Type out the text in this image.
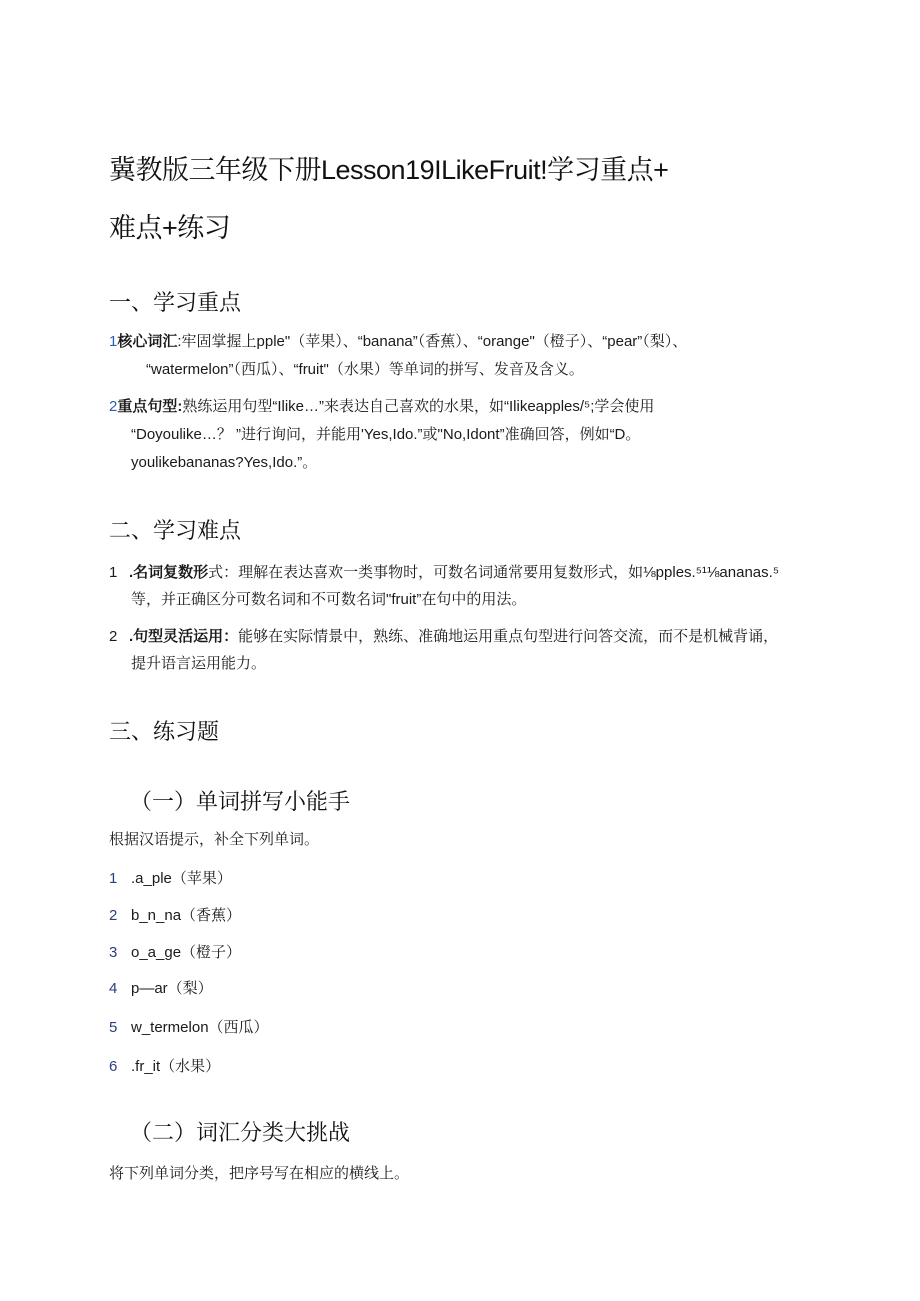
冀教版三年级下册Lesson19ILikeFruit!学习重点+
难点+练习
一、学习重点
1核心词汇:牢固掌握上pple"（苹果）、“banana”（香蕉）、“orange"（橙子）、“pear”（梨）、
“watermelon”（西瓜）、“fruit"（水果）等单词的拼写、发音及含义。
2重点句型:熟练运用句型“Ilike…”来表达自己喜欢的水果，如“Ilikeapples/⁵;学会使用
“Doyoulike…？ ”进行询问，并能用'Yes,Ido.”或"No,Idont”准确回答，例如“D。
youlikebananas?Yes,Ido.”。
二、学习难点
1 .名词复数形式：理解在表达喜欢一类事物时，可数名词通常要用复数形式，如⅛pples.⁵¹⅛ananas.⁵
等，并正确区分可数名词和不可数名词"fruit”在句中的用法。
2 .句型灵活运用：能够在实际情景中，熟练、准确地运用重点句型进行问答交流，而不是机械背诵，
提升语言运用能力。
三、练习题
（一）单词拼写小能手
根据汉语提示，补全下列单词。
1 .a_ple（苹果）
2 b_n_na（香蕉）
3 o_a_ge（橙子）
4 p—ar（梨）
5 w_termelon（西瓜）
6 .fr_it（水果）
（二）词汇分类大挑战
将下列单词分类，把序号写在相应的横线上。
